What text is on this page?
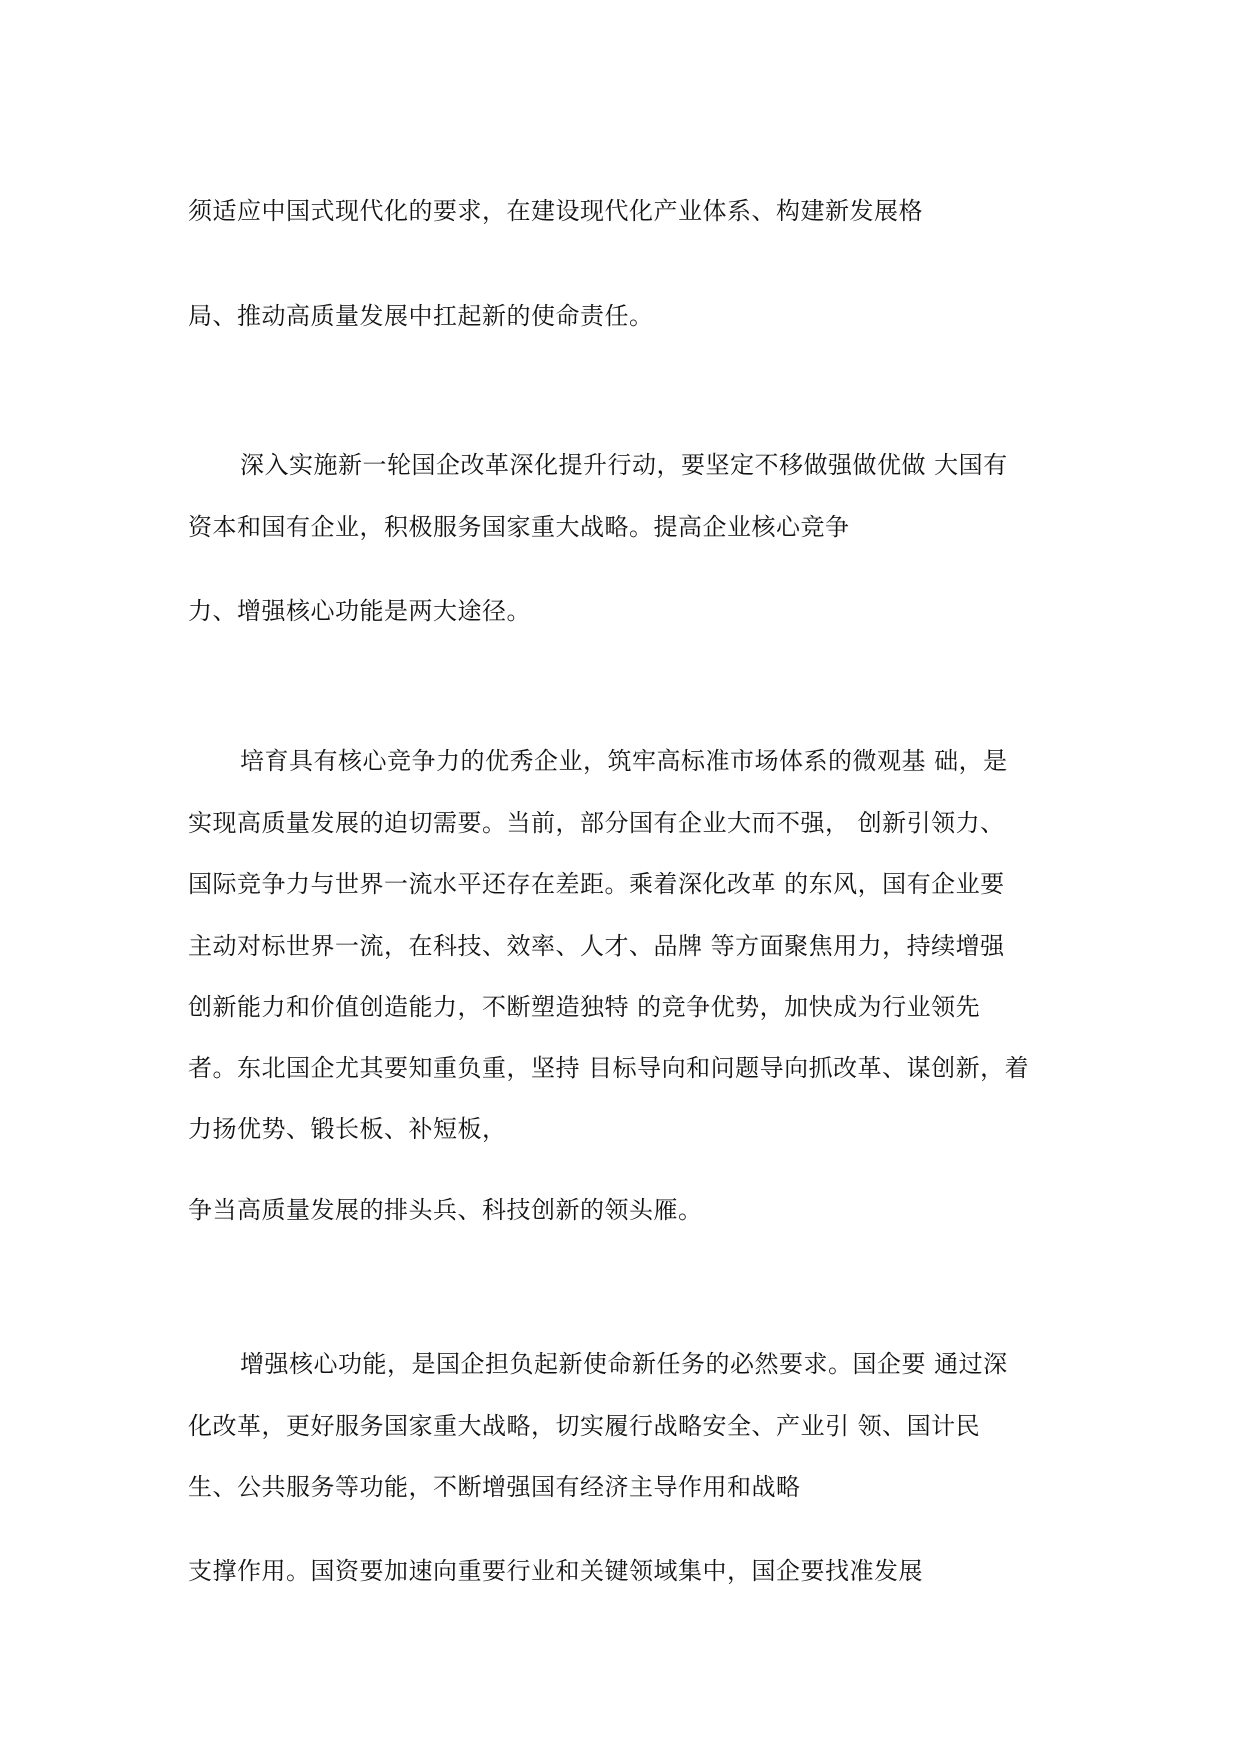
须适应中国式现代化的要求，在建设现代化产业体系、构建新发展格
局、推动高质量发展中扛起新的使命责任。
深入实施新一轮国企改革深化提升行动，要坚定不移做强做优做 大国有
资本和国有企业，积极服务国家重大战略。提高企业核心竞争
力、增强核心功能是两大途径。
培育具有核心竞争力的优秀企业，筑牢高标准市场体系的微观基 础，是
实现高质量发展的迫切需要。当前，部分国有企业大而不强， 创新引领力、
国际竞争力与世界一流水平还存在差距。乘着深化改革 的东风，国有企业要
主动对标世界一流，在科技、效率、人才、品牌 等方面聚焦用力，持续增强
创新能力和价值创造能力，不断塑造独特 的竞争优势，加快成为行业领先
者。东北国企尤其要知重负重，坚持 目标导向和问题导向抓改革、谋创新，着
力扬优势、锻长板、补短板，
争当高质量发展的排头兵、科技创新的领头雁。
增强核心功能，是国企担负起新使命新任务的必然要求。国企要 通过深
化改革，更好服务国家重大战略，切实履行战略安全、产业引 领、国计民
生、公共服务等功能，不断增强国有经济主导作用和战略
支撑作用。国资要加速向重要行业和关键领域集中，国企要找准发展
